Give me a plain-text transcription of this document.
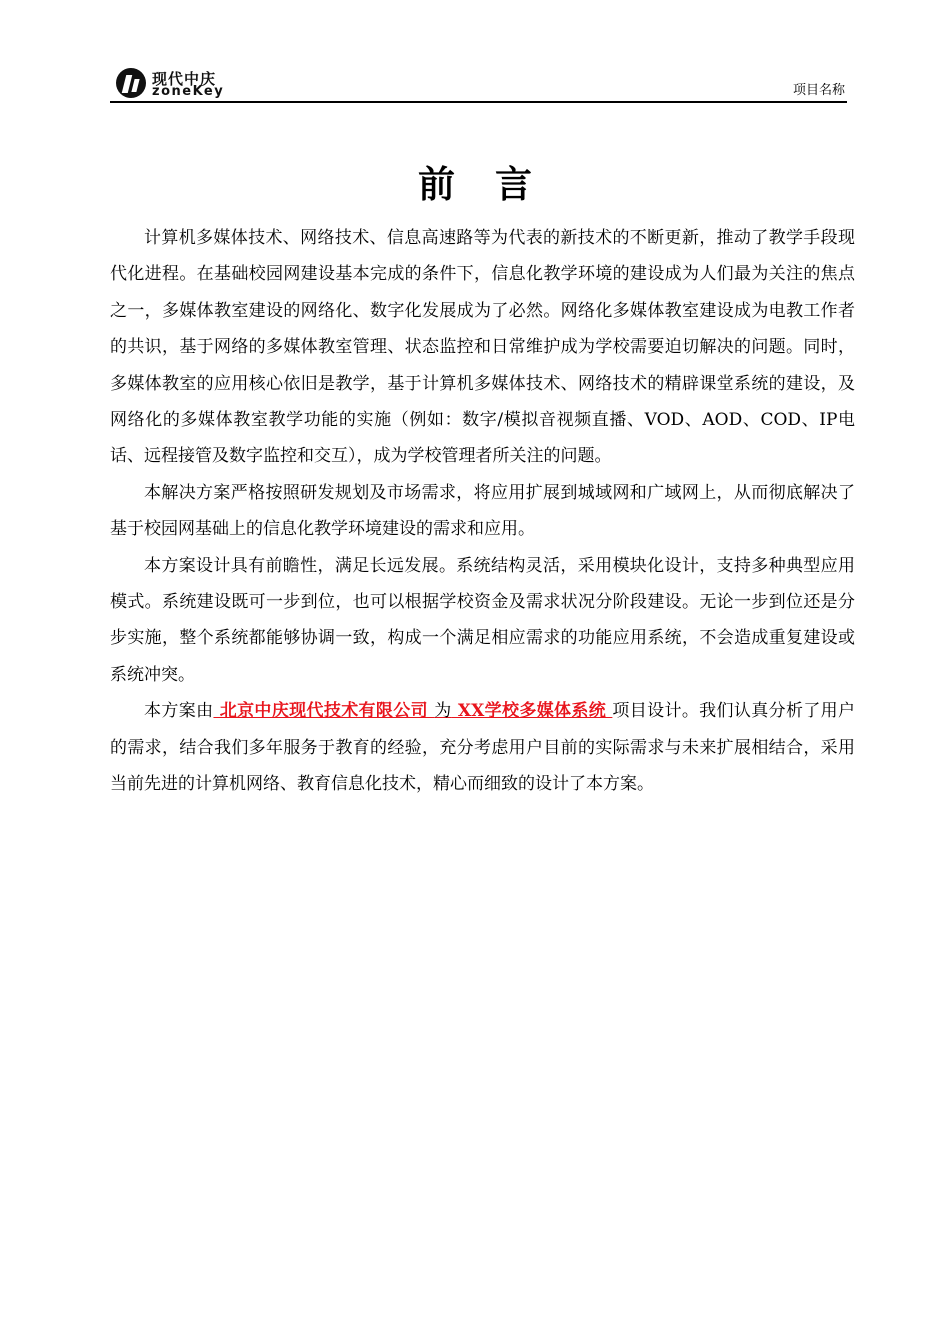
现代中庆
zoneKey	项目名称
前言

计算机多媒体技术、网络技术、信息高速路等为代表的新技术的不断更新，推动了教学手段现代化进程。在基础校园网建设基本完成的条件下，信息化教学环境的建设成为人们最为关注的焦点之一，多媒体教室建设的网络化、数字化发展成为了必然。网络化多媒体教室建设成为电教工作者的共识，基于网络的多媒体教室管理、状态监控和日常维护成为学校需要迫切解决的问题。同时，多媒体教室的应用核心依旧是教学，基于计算机多媒体技术、网络技术的精辟课堂系统的建设，及网络化的多媒体教室教学功能的实施（例如：数字/模拟音视频直播、VOD、AOD、COD、IP电话、远程接管及数字监控和交互），成为学校管理者所关注的问题。

本解决方案严格按照研发规划及市场需求，将应用扩展到城域网和广域网上，从而彻底解决了基于校园网基础上的信息化教学环境建设的需求和应用。

本方案设计具有前瞻性，满足长远发展。系统结构灵活，采用模块化设计，支持多种典型应用模式。系统建设既可一步到位，也可以根据学校资金及需求状况分阶段建设。无论一步到位还是分步实施，整个系统都能够协调一致，构成一个满足相应需求的功能应用系统，不会造成重复建设或系统冲突。

本方案由 北京中庆现代技术有限公司 为 XX学校多媒体系统 项目设计。我们认真分析了用户的需求，结合我们多年服务于教育的经验，充分考虑用户目前的实际需求与未来扩展相结合，采用当前先进的计算机网络、教育信息化技术，精心而细致的设计了本方案。
